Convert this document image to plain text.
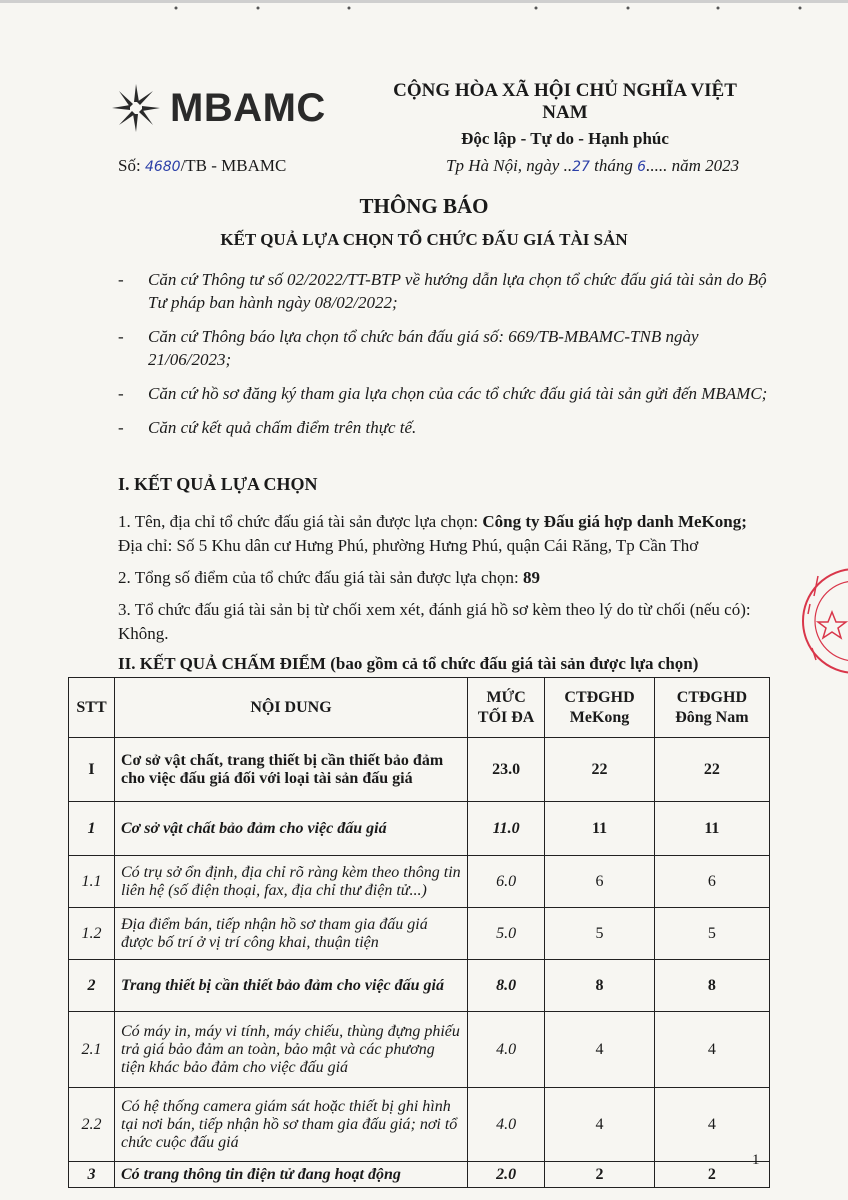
MBAMC	CỘNG HÒA XÃ HỘI CHỦ NGHĨA VIỆT NAM
Độc lập - Tự do - Hạnh phúc
Số: 4680/TB - MBAMC	Tp Hà Nội, ngày ..27 tháng 6..... năm 2023
THÔNG BÁO
KẾT QUẢ LỰA CHỌN TỔ CHỨC ĐẤU GIÁ TÀI SẢN
- Căn cứ Thông tư số 02/2022/TT-BTP về hướng dẫn lựa chọn tổ chức đấu giá tài sản do Bộ Tư pháp ban hành ngày 08/02/2022;
- Căn cứ Thông báo lựa chọn tổ chức bán đấu giá số: 669/TB-MBAMC-TNB ngày 21/06/2023;
- Căn cứ hồ sơ đăng ký tham gia lựa chọn của các tổ chức đấu giá tài sản gửi đến MBAMC;
- Căn cứ kết quả chấm điểm trên thực tế.
I. KẾT QUẢ LỰA CHỌN
1. Tên, địa chỉ tổ chức đấu giá tài sản được lựa chọn: Công ty Đấu giá hợp danh MeKong;
Địa chỉ: Số 5 Khu dân cư Hưng Phú, phường Hưng Phú, quận Cái Răng, Tp Cần Thơ
2. Tổng số điểm của tổ chức đấu giá tài sản được lựa chọn: 89
3. Tổ chức đấu giá tài sản bị từ chối xem xét, đánh giá hồ sơ kèm theo lý do từ chối (nếu có): Không.
II. KẾT QUẢ CHẤM ĐIỂM (bao gồm cả tổ chức đấu giá tài sản được lựa chọn)
STT	NỘI DUNG	MỨC TỐI ĐA	CTĐGHD MeKong	CTĐGHD Đông Nam
I	Cơ sở vật chất, trang thiết bị cần thiết bảo đảm cho việc đấu giá đối với loại tài sản đấu giá	23.0	22	22
1	Cơ sở vật chất bảo đảm cho việc đấu giá	11.0	11	11
1.1	Có trụ sở ổn định, địa chỉ rõ ràng kèm theo thông tin liên hệ (số điện thoại, fax, địa chỉ thư điện tử...)	6.0	6	6
1.2	Địa điểm bán, tiếp nhận hồ sơ tham gia đấu giá được bố trí ở vị trí công khai, thuận tiện	5.0	5	5
2	Trang thiết bị cần thiết bảo đảm cho việc đấu giá	8.0	8	8
2.1	Có máy in, máy vi tính, máy chiếu, thùng đựng phiếu trả giá bảo đảm an toàn, bảo mật và các phương tiện khác bảo đảm cho việc đấu giá	4.0	4	4
2.2	Có hệ thống camera giám sát hoặc thiết bị ghi hình tại nơi bán, tiếp nhận hồ sơ tham gia đấu giá; nơi tổ chức cuộc đấu giá	4.0	4	4
3	Có trang thông tin điện tử đang hoạt động	2.0	2	2
1
